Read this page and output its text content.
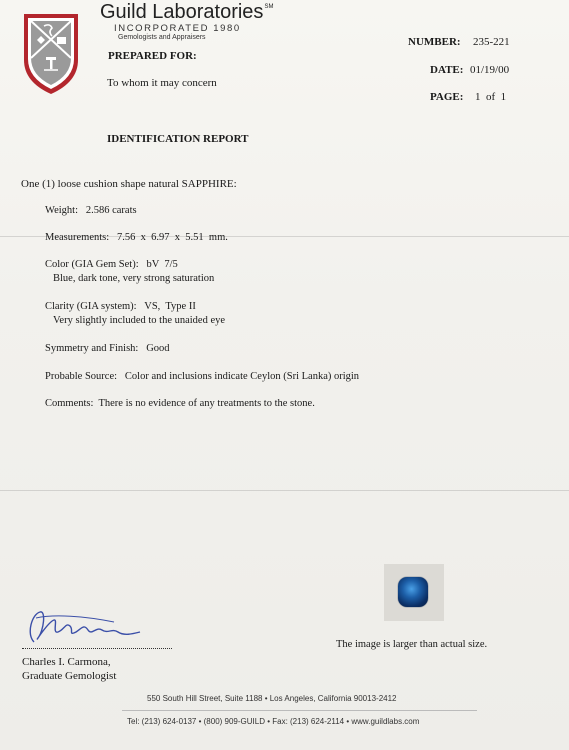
Guild Laboratories℠
INCORPORATED 1980
Gemologists and Appraisers	NUMBER: 235-221
DATE: 01/19/00
PAGE: 1  of  1
PREPARED FOR:
To whom it may concern
IDENTIFICATION REPORT
One (1) loose cushion shape natural SAPPHIRE:
Weight:   2.586 carats
Measurements:   7.56  x  6.97  x  5.51  mm.
Color (GIA Gem Set):   bV  7/5
Blue, dark tone, very strong saturation
Clarity (GIA system):   VS,  Type II
Very slightly included to the unaided eye
Symmetry and Finish:   Good
Probable Source:   Color and inclusions indicate Ceylon (Sri Lanka) origin
Comments:  There is no evidence of any treatments to the stone.
The image is larger than actual size.
Charles I. Carmona,
Graduate Gemologist
550 South Hill Street, Suite 1188 • Los Angeles, California 90013-2412
Tel: (213) 624-0137 • (800) 909-GUILD • Fax: (213) 624-2114 • www.guildlabs.com
